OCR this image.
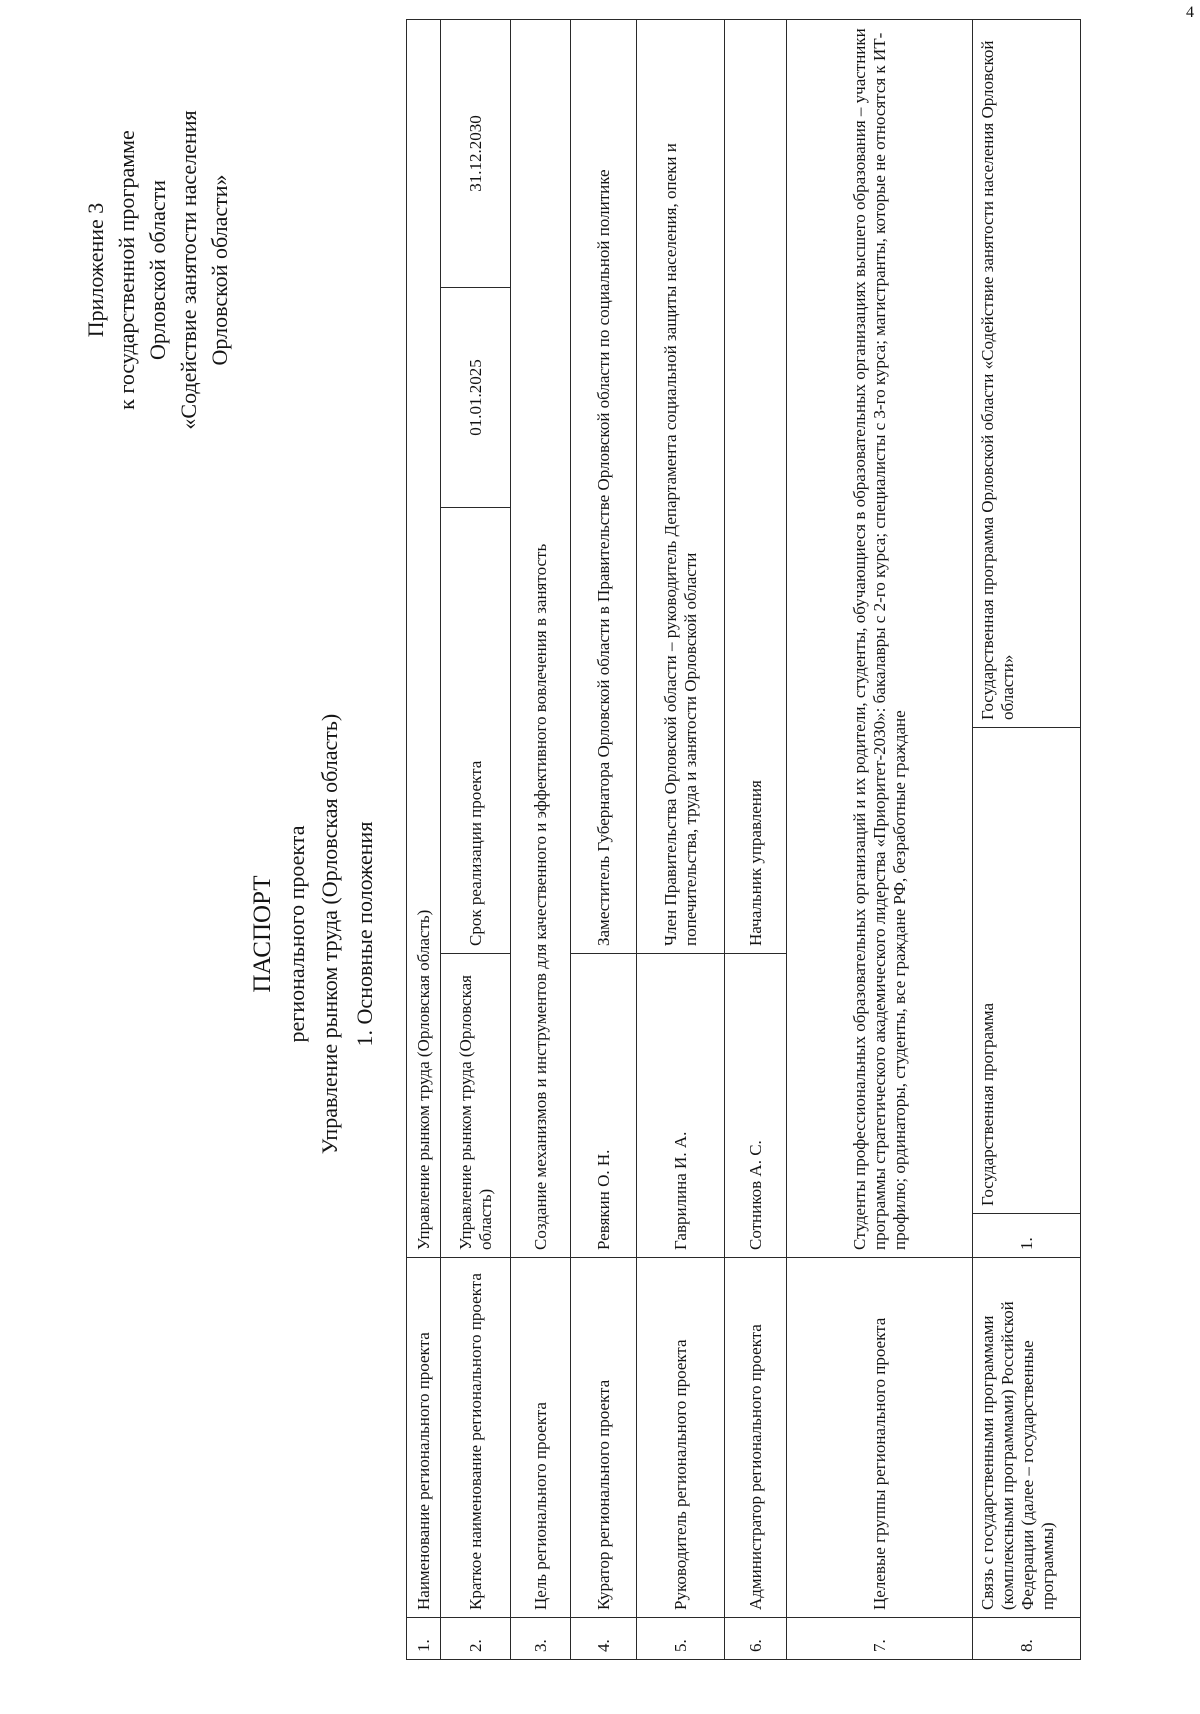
4
Приложение 3 к государственной программе Орловской области «Содействие занятости населения Орловской области»
ПАСПОРТ регионального проекта Управление рынком труда (Орловская область) 1. Основные положения
1.	Наименование регионального проекта	Управление рынком труда (Орловская область)					
2.	Краткое наименование регионального проекта	Управление рынком труда (Орловская область)		Срок реализации проекта		01.01.2025	31.12.2030
3.	Цель регионального проекта	Создание механизмов и инструментов для качественного и эффективного вовлечения в занятость					
4.	Куратор регионального проекта	Ревякин О. Н.		Заместитель Губернатора Орловской области в Правительстве Орловской области по социальной политике			
5.	Руководитель регионального проекта	Гаврилина И. А.		Член Правительства Орловской области – руководитель Департамента социальной защиты населения, опеки и попечительства, труда и занятости Орловской области			
6.	Администратор регионального проекта	Сотников А. С.		Начальник управления			
7.	Целевые группы регионального проекта	Студенты профессиональных образовательных организаций и их родители, студенты, обучающиеся в образовательных организациях высшего образования – участники программы стратегического академического лидерства «Приоритет-2030»: бакалавры с 2-го курса; специалисты с 3-го курса; магистранты, которые не относятся к ИТ-профилю; ординаторы, студенты, все граждане РФ, безработные граждане					
8.	Связь с государственными программами (комплексными программами) Российской Федерации (далее – государственные программы)	1.	Государственная программа		Государственная программа Орловской области «Содействие занятости населения Орловской области»		
